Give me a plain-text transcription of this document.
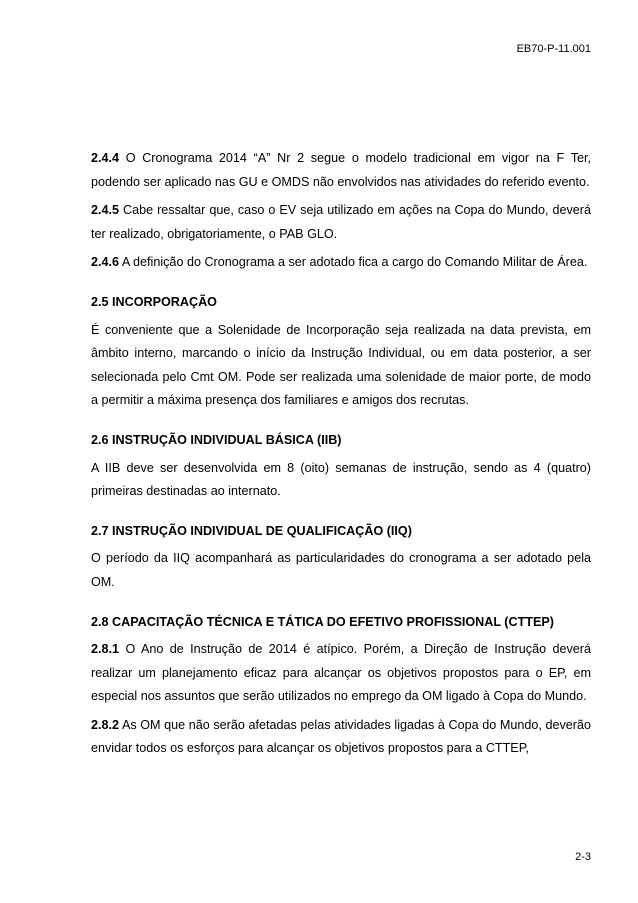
EB70-P-11.001

2.4.4 O Cronograma 2014 “A” Nr 2 segue o modelo tradicional em vigor na F Ter, podendo ser aplicado nas GU e OMDS não envolvidos nas atividades do referido evento.

2.4.5 Cabe ressaltar que, caso o EV seja utilizado em ações na Copa do Mundo, deverá ter realizado, obrigatoriamente, o PAB GLO.

2.4.6 A definição do Cronograma a ser adotado fica a cargo do Comando Militar de Área.

2.5 INCORPORAÇÃO

É conveniente que a Solenidade de Incorporação seja realizada na data prevista, em âmbito interno, marcando o início da Instrução Individual, ou em data posterior, a ser selecionada pelo Cmt OM. Pode ser realizada uma solenidade de maior porte, de modo a permitir a máxima presença dos familiares e amigos dos recrutas.

2.6 INSTRUÇÃO INDIVIDUAL BÁSICA (IIB)

A IIB deve ser desenvolvida em 8 (oito) semanas de instrução, sendo as 4 (quatro) primeiras destinadas ao internato.

2.7 INSTRUÇÃO INDIVIDUAL DE QUALIFICAÇÃO (IIQ)

O período da IIQ acompanhará as particularidades do cronograma a ser adotado pela OM.

2.8 CAPACITAÇÃO TÉCNICA E TÁTICA DO EFETIVO PROFISSIONAL (CTTEP)

2.8.1 O Ano de Instrução de 2014 é atípico. Porém, a Direção de Instrução deverá realizar um planejamento eficaz para alcançar os objetivos propostos para o EP, em especial nos assuntos que serão utilizados no emprego da OM ligado à Copa do Mundo.

2.8.2 As OM que não serão afetadas pelas atividades ligadas à Copa do Mundo, deverão envidar todos os esforços para alcançar os objetivos propostos para a CTTEP,

2-3
